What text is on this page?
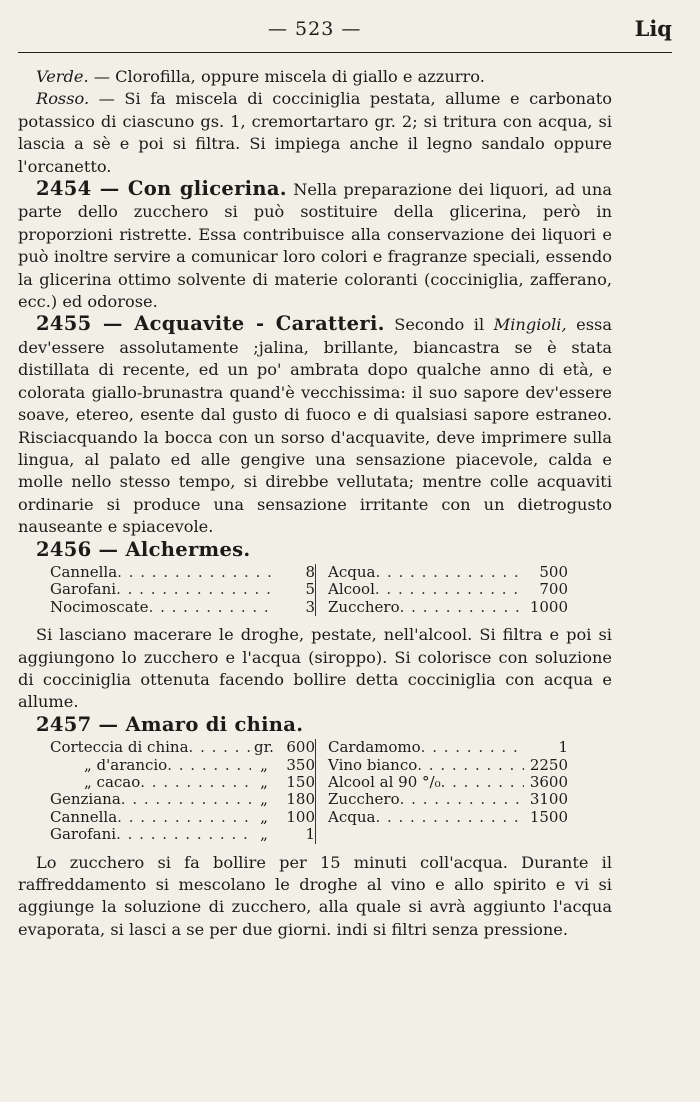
— 523 —	Liq

Verde. — Clorofilla, oppure miscela di giallo e azzurro.

Rosso. — Si fa miscela di cocciniglia pestata, allume e carbonato potassico di ciascuno gs. 1, cremortartaro gr. 2; si tritura con acqua, si lascia a sè e poi si filtra. Si impiega anche il legno sandalo oppure l'orcanetto.

2454 — Con glicerina. Nella preparazione dei liquori, ad una parte dello zucchero si può sostituire della glicerina, però in proporzioni ristrette. Essa contribuisce alla conservazione dei liquori e può inoltre servire a comunicar loro colori e fragranze speciali, essendo la glicerina ottimo solvente di materie coloranti (cocciniglia, zafferano, ecc.) ed odorose.

2455 — Acquavite - Caratteri. Secondo il Mingioli, essa dev'essere assolutamente ;jalina, brillante, biancastra se è stata distillata di recente, ed un po' ambrata dopo qualche anno di età, e colorata giallo-brunastra quand'è vecchissima: il suo sapore dev'essere soave, etereo, esente dal gusto di fuoco e di qualsiasi sapore estraneo. Risciacquando la bocca con un sorso d'acquavite, deve imprimere sulla lingua, al palato ed alle gengive una sensazione piacevole, calda e molle nello stesso tempo, si direbbe vellutata; mentre colle acquaviti ordinarie si produce una sensazione irritante con un dietrogusto nauseante e spiacevole.

2456 — Alchermes.

Cannella . . .	8
Garofani . . .	5
Nocimoscate . . .	3
Acqua . . .	500
Alcool . . .	700
Zucchero . . .	1000

Si lasciano macerare le droghe, pestate, nell'alcool. Si filtra e poi si aggiungono lo zucchero e l'acqua (siroppo). Si colorisce con soluzione di cocciniglia ottenuta facendo bollire detta cocciniglia con acqua e allume.

2457 — Amaro di china.

Corteccia di china . . .	gr. 600
„ d'arancio . . .	„	350
„ cacao . . .	„	150
Genziana . . .	„	180
Cannella . . .	„	100
Garofani . . .	„	1
Cardamomo . . .	1
Vino bianco . . .	2250
Alcool al 90 °/₀ . . .	3600
Zucchero . . .	3100
Acqua . . .	1500

Lo zucchero si fa bollire per 15 minuti coll'acqua. Durante il raffreddamento si mescolano le droghe al vino e allo spirito e vi si aggiunge la soluzione di zucchero, alla quale si avrà aggiunto l'acqua evaporata, si lasci a se per due giorni. indi si filtri senza pressione.
